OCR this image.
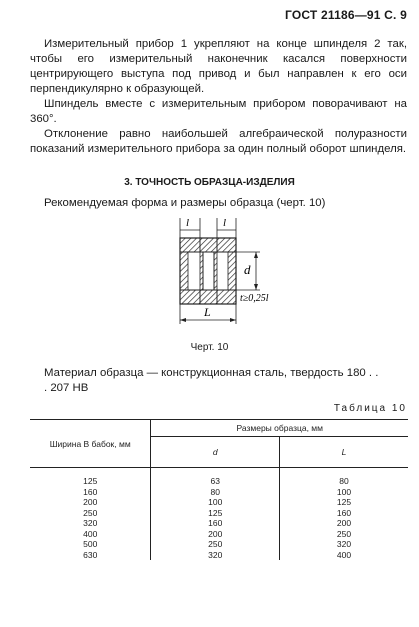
ГОСТ 21186—91 С. 9
Измерительный прибор 1 укрепляют на конце шпинделя 2 так, чтобы его измерительный наконечник касался поверхности центрирующего выступа под привод и был направлен к его оси перпендикулярно к образующей.
Шпиндель вместе с измерительным прибором поворачивают на 360°.
Отклонение равно наибольшей алгебраической полуразности показаний измерительного прибора за один полный оборот шпинделя.
3. ТОЧНОСТЬ ОБРАЗЦА-ИЗДЕЛИЯ
Рекомендуемая форма и размеры образца (черт. 10)
l	l
d
t≥0,25l
L
Черт. 10
Материал образца — конструкционная сталь, твердость 180 . . . 207 HB
Таблица 10
Ширина B бабок, мм	Размеры образца, мм	
	d	L

125	63	80
160	80	100
200	100	125
250	125	160
320	160	200
400	200	250
500	250	320
630	320	400
